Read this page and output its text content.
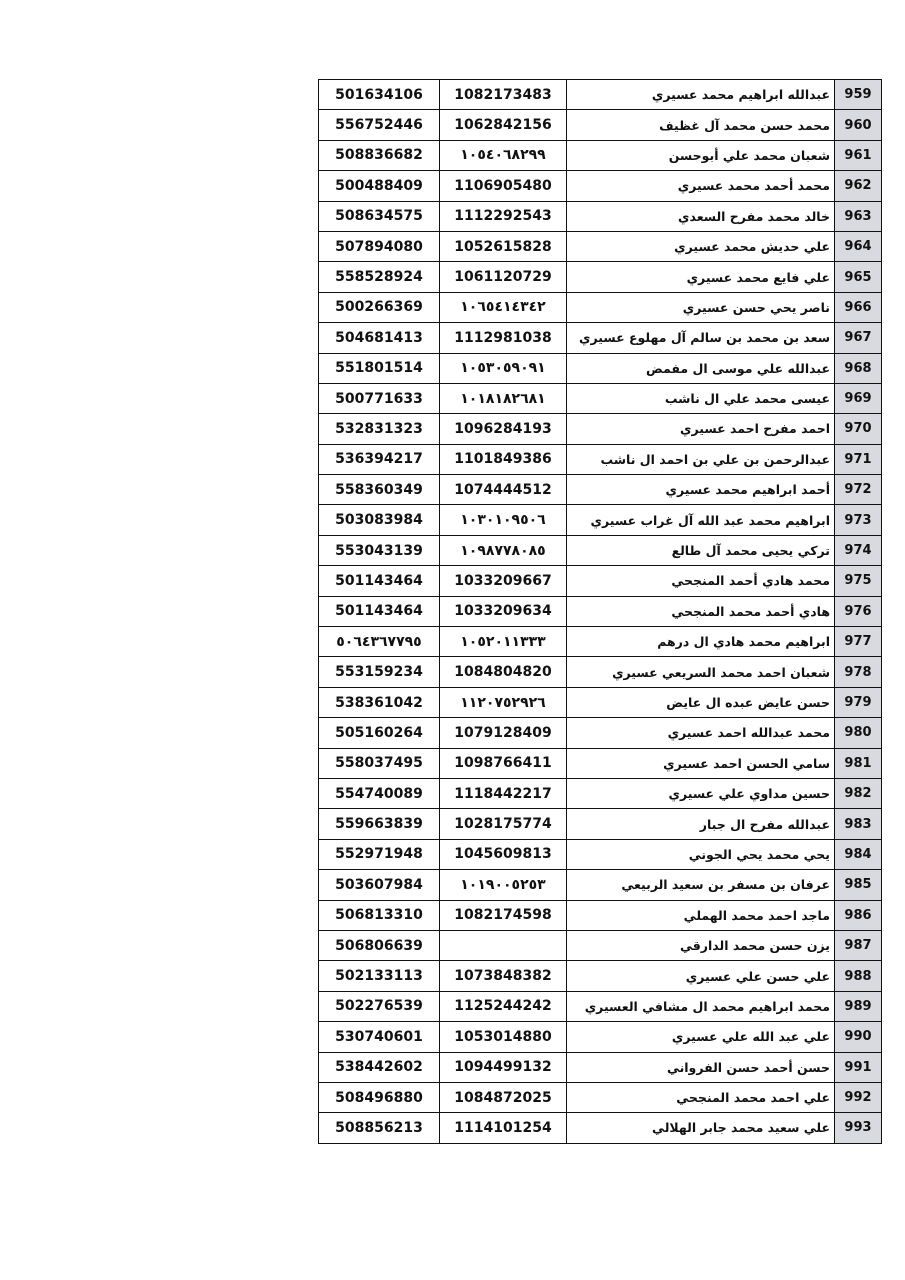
501634106	1082173483	عبدالله ابراهيم محمد عسيري	959
556752446	1062842156	محمد حسن محمد آل غظيف	960
508836682	١٠٥٤٠٦٨٢٩٩	شعبان محمد علي أبوحسن	961
500488409	1106905480	محمد أحمد محمد عسيري	962
508634575	1112292543	خالد محمد مفرح السعدي	963
507894080	1052615828	علي حديش محمد عسيري	964
558528924	1061120729	علي فايع محمد عسيري	965
500266369	١٠٦٥٤١٤٣٤٢	ناصر يحي حسن عسيري	966
504681413	1112981038	سعد بن محمد بن سالم آل مهلوع عسيري	967
551801514	١٠٥٣٠٥٩٠٩١	عبدالله علي موسى ال مفمض	968
500771633	١٠١٨١٨٢٦٨١	عيسى محمد علي ال ناشب	969
532831323	1096284193	احمد مفرح احمد عسيري	970
536394217	1101849386	عبدالرحمن بن علي بن احمد ال ناشب	971
558360349	1074444512	أحمد ابراهيم محمد عسيري	972
503083984	١٠٣٠١٠٩٥٠٦	ابراهيم محمد عبد الله آل غراب عسيري	973
553043139	١٠٩٨٧٧٨٠٨٥	تركي يحيى محمد آل طالع	974
501143464	1033209667	محمد هادي أحمد المنجحي	975
501143464	1033209634	هادي أحمد محمد المنجحي	976
٥٠٦٤٣٦٧٧٩٥	١٠٥٢٠١١٣٣٣	ابراهيم محمد هادي ال درهم	977
553159234	1084804820	شعبان احمد محمد السريعي عسيري	978
538361042	١١٢٠٧٥٢٩٢٦	حسن عايض عبده ال عايض	979
505160264	1079128409	محمد عبدالله احمد عسيري	980
558037495	1098766411	سامي الحسن احمد عسيري	981
554740089	1118442217	حسين مداوي علي عسيري	982
559663839	1028175774	عبدالله مفرح ال جبار	983
552971948	1045609813	يحي محمد يحي الجوني	984
503607984	١٠١٩٠٠٥٢٥٣	عرفان بن مسفر بن سعيد الربيعي	985
506813310	1082174598	ماجد احمد محمد الهملي	986
506806639		يزن حسن محمد الدارقي	987
502133113	1073848382	علي حسن علي عسيري	988
502276539	1125244242	محمد ابراهيم محمد ال مشافي العسيري	989
530740601	1053014880	علي عبد الله علي عسيري	990
538442602	1094499132	حسن أحمد حسن الفرواني	991
508496880	1084872025	علي احمد محمد المنجحي	992
508856213	1114101254	علي سعيد محمد جابر الهلالي	993
